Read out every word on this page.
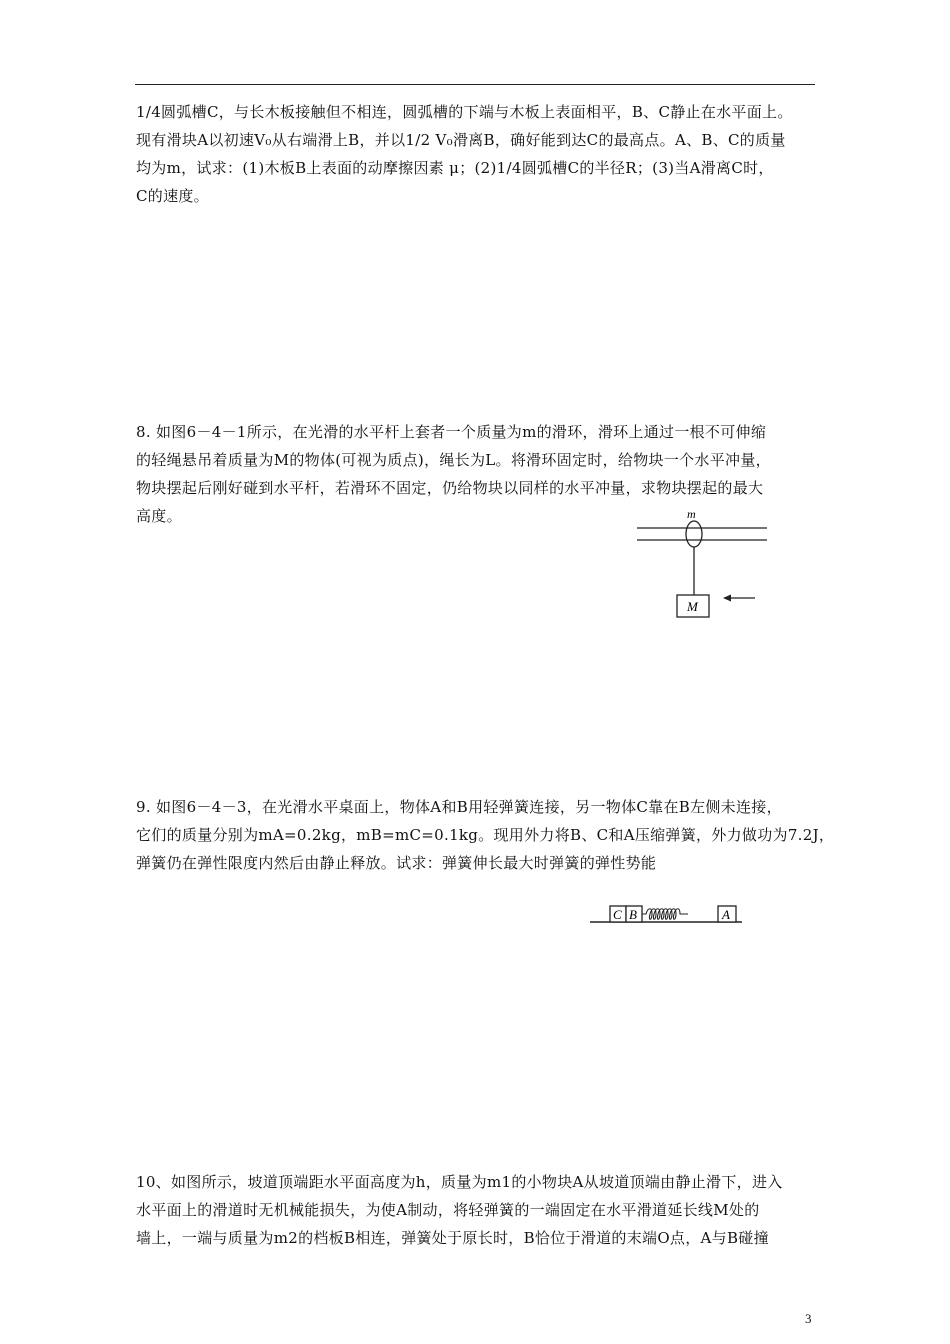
1/4圆弧槽C，与长木板接触但不相连，圆弧槽的下端与木板上表面相平，B、C静止在水平面上。
现有滑块A以初速V₀从右端滑上B，并以1/2 V₀滑离B，确好能到达C的最高点。A、B、C的质量
均为m，试求：(1)木板B上表面的动摩擦因素 μ；(2)1/4圆弧槽C的半径R；(3)当A滑离C时，
C的速度。
8. 如图6－4－1所示，在光滑的水平杆上套者一个质量为m的滑环，滑环上通过一根不可伸缩
的轻绳悬吊着质量为M的物体(可视为质点)，绳长为L。将滑环固定时，给物块一个水平冲量，
物块摆起后刚好碰到水平杆，若滑环不固定，仍给物块以同样的水平冲量，求物块摆起的最大
高度。	m
M
9. 如图6－4－3，在光滑水平桌面上，物体A和B用轻弹簧连接，另一物体C靠在B左侧未连接，
它们的质量分别为mA=0.2kg，mB=mC=0.1kg。现用外力将B、C和A压缩弹簧，外力做功为7.2J，
弹簧仍在弹性限度内然后由静止释放。试求：弹簧伸长最大时弹簧的弹性势能
C B	A
10、如图所示，坡道顶端距水平面高度为h，质量为m1的小物块A从坡道顶端由静止滑下，进入
水平面上的滑道时无机械能损失，为使A制动，将轻弹簧的一端固定在水平滑道延长线M处的
墙上，一端与质量为m2的档板B相连，弹簧处于原长时，B恰位于滑道的末端O点，A与B碰撞
3
